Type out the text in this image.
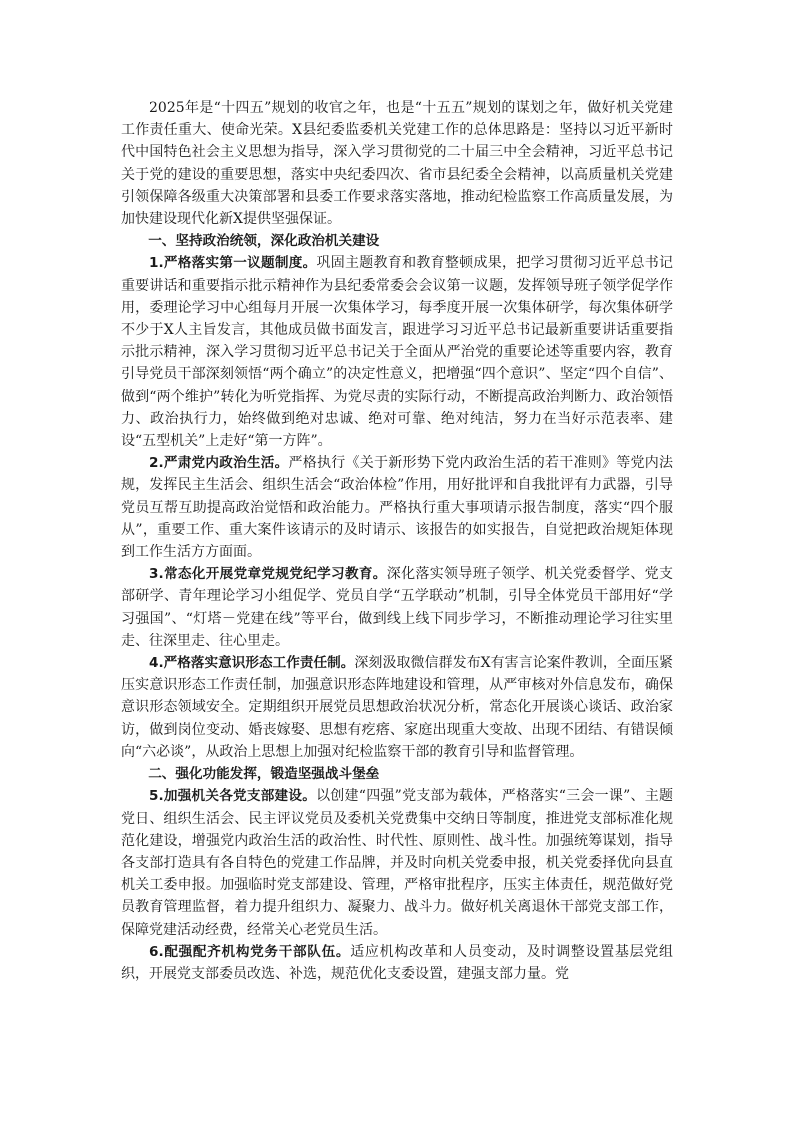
2025年是“十四五”规划的收官之年，也是“十五五”规划的谋划之年，做好机关党建工作责任重大、使命光荣。X县纪委监委机关党建工作的总体思路是：坚持以习近平新时代中国特色社会主义思想为指导，深入学习贯彻党的二十届三中全会精神，习近平总书记关于党的建设的重要思想，落实中央纪委四次、省市县纪委全会精神，以高质量机关党建引领保障各级重大决策部署和县委工作要求落实落地，推动纪检监察工作高质量发展，为加快建设现代化新X提供坚强保证。

一、坚持政治统领，深化政治机关建设

1.严格落实第一议题制度。巩固主题教育和教育整顿成果，把学习贯彻习近平总书记重要讲话和重要指示批示精神作为县纪委常委会会议第一议题，发挥领导班子领学促学作用，委理论学习中心组每月开展一次集体学习，每季度开展一次集体研学，每次集体研学不少于X人主旨发言，其他成员做书面发言，跟进学习习近平总书记最新重要讲话重要指示批示精神，深入学习贯彻习近平总书记关于全面从严治党的重要论述等重要内容，教育引导党员干部深刻领悟“两个确立”的决定性意义，把增强“四个意识”、坚定“四个自信”、做到“两个维护”转化为听党指挥、为党尽责的实际行动，不断提高政治判断力、政治领悟力、政治执行力，始终做到绝对忠诚、绝对可靠、绝对纯洁，努力在当好示范表率、建设“五型机关”上走好“第一方阵”。

2.严肃党内政治生活。严格执行《关于新形势下党内政治生活的若干准则》等党内法规，发挥民主生活会、组织生活会“政治体检”作用，用好批评和自我批评有力武器，引导党员互帮互助提高政治觉悟和政治能力。严格执行重大事项请示报告制度，落实“四个服从”，重要工作、重大案件该请示的及时请示、该报告的如实报告，自觉把政治规矩体现到工作生活方方面面。

3.常态化开展党章党规党纪学习教育。深化落实领导班子领学、机关党委督学、党支部研学、青年理论学习小组促学、党员自学“五学联动”机制，引导全体党员干部用好“学习强国”、“灯塔－党建在线”等平台，做到线上线下同步学习，不断推动理论学习往实里走、往深里走、往心里走。

4.严格落实意识形态工作责任制。深刻汲取微信群发布X有害言论案件教训，全面压紧压实意识形态工作责任制，加强意识形态阵地建设和管理，从严审核对外信息发布，确保意识形态领域安全。定期组织开展党员思想政治状况分析，常态化开展谈心谈话、政治家访，做到岗位变动、婚丧嫁娶、思想有疙瘩、家庭出现重大变故、出现不团结、有错误倾向“六必谈”，从政治上思想上加强对纪检监察干部的教育引导和监督管理。

二、强化功能发挥，锻造坚强战斗堡垒

5.加强机关各党支部建设。以创建“四强”党支部为载体，严格落实“三会一课”、主题党日、组织生活会、民主评议党员及委机关党费集中交纳日等制度，推进党支部标准化规范化建设，增强党内政治生活的政治性、时代性、原则性、战斗性。加强统筹谋划，指导各支部打造具有各自特色的党建工作品牌，并及时向机关党委申报，机关党委择优向县直机关工委申报。加强临时党支部建设、管理，严格审批程序，压实主体责任，规范做好党员教育管理监督，着力提升组织力、凝聚力、战斗力。做好机关离退休干部党支部工作，保障党建活动经费，经常关心老党员生活。

6.配强配齐机构党务干部队伍。适应机构改革和人员变动，及时调整设置基层党组织，开展党支部委员改选、补选，规范优化支委设置，建强支部力量。党
